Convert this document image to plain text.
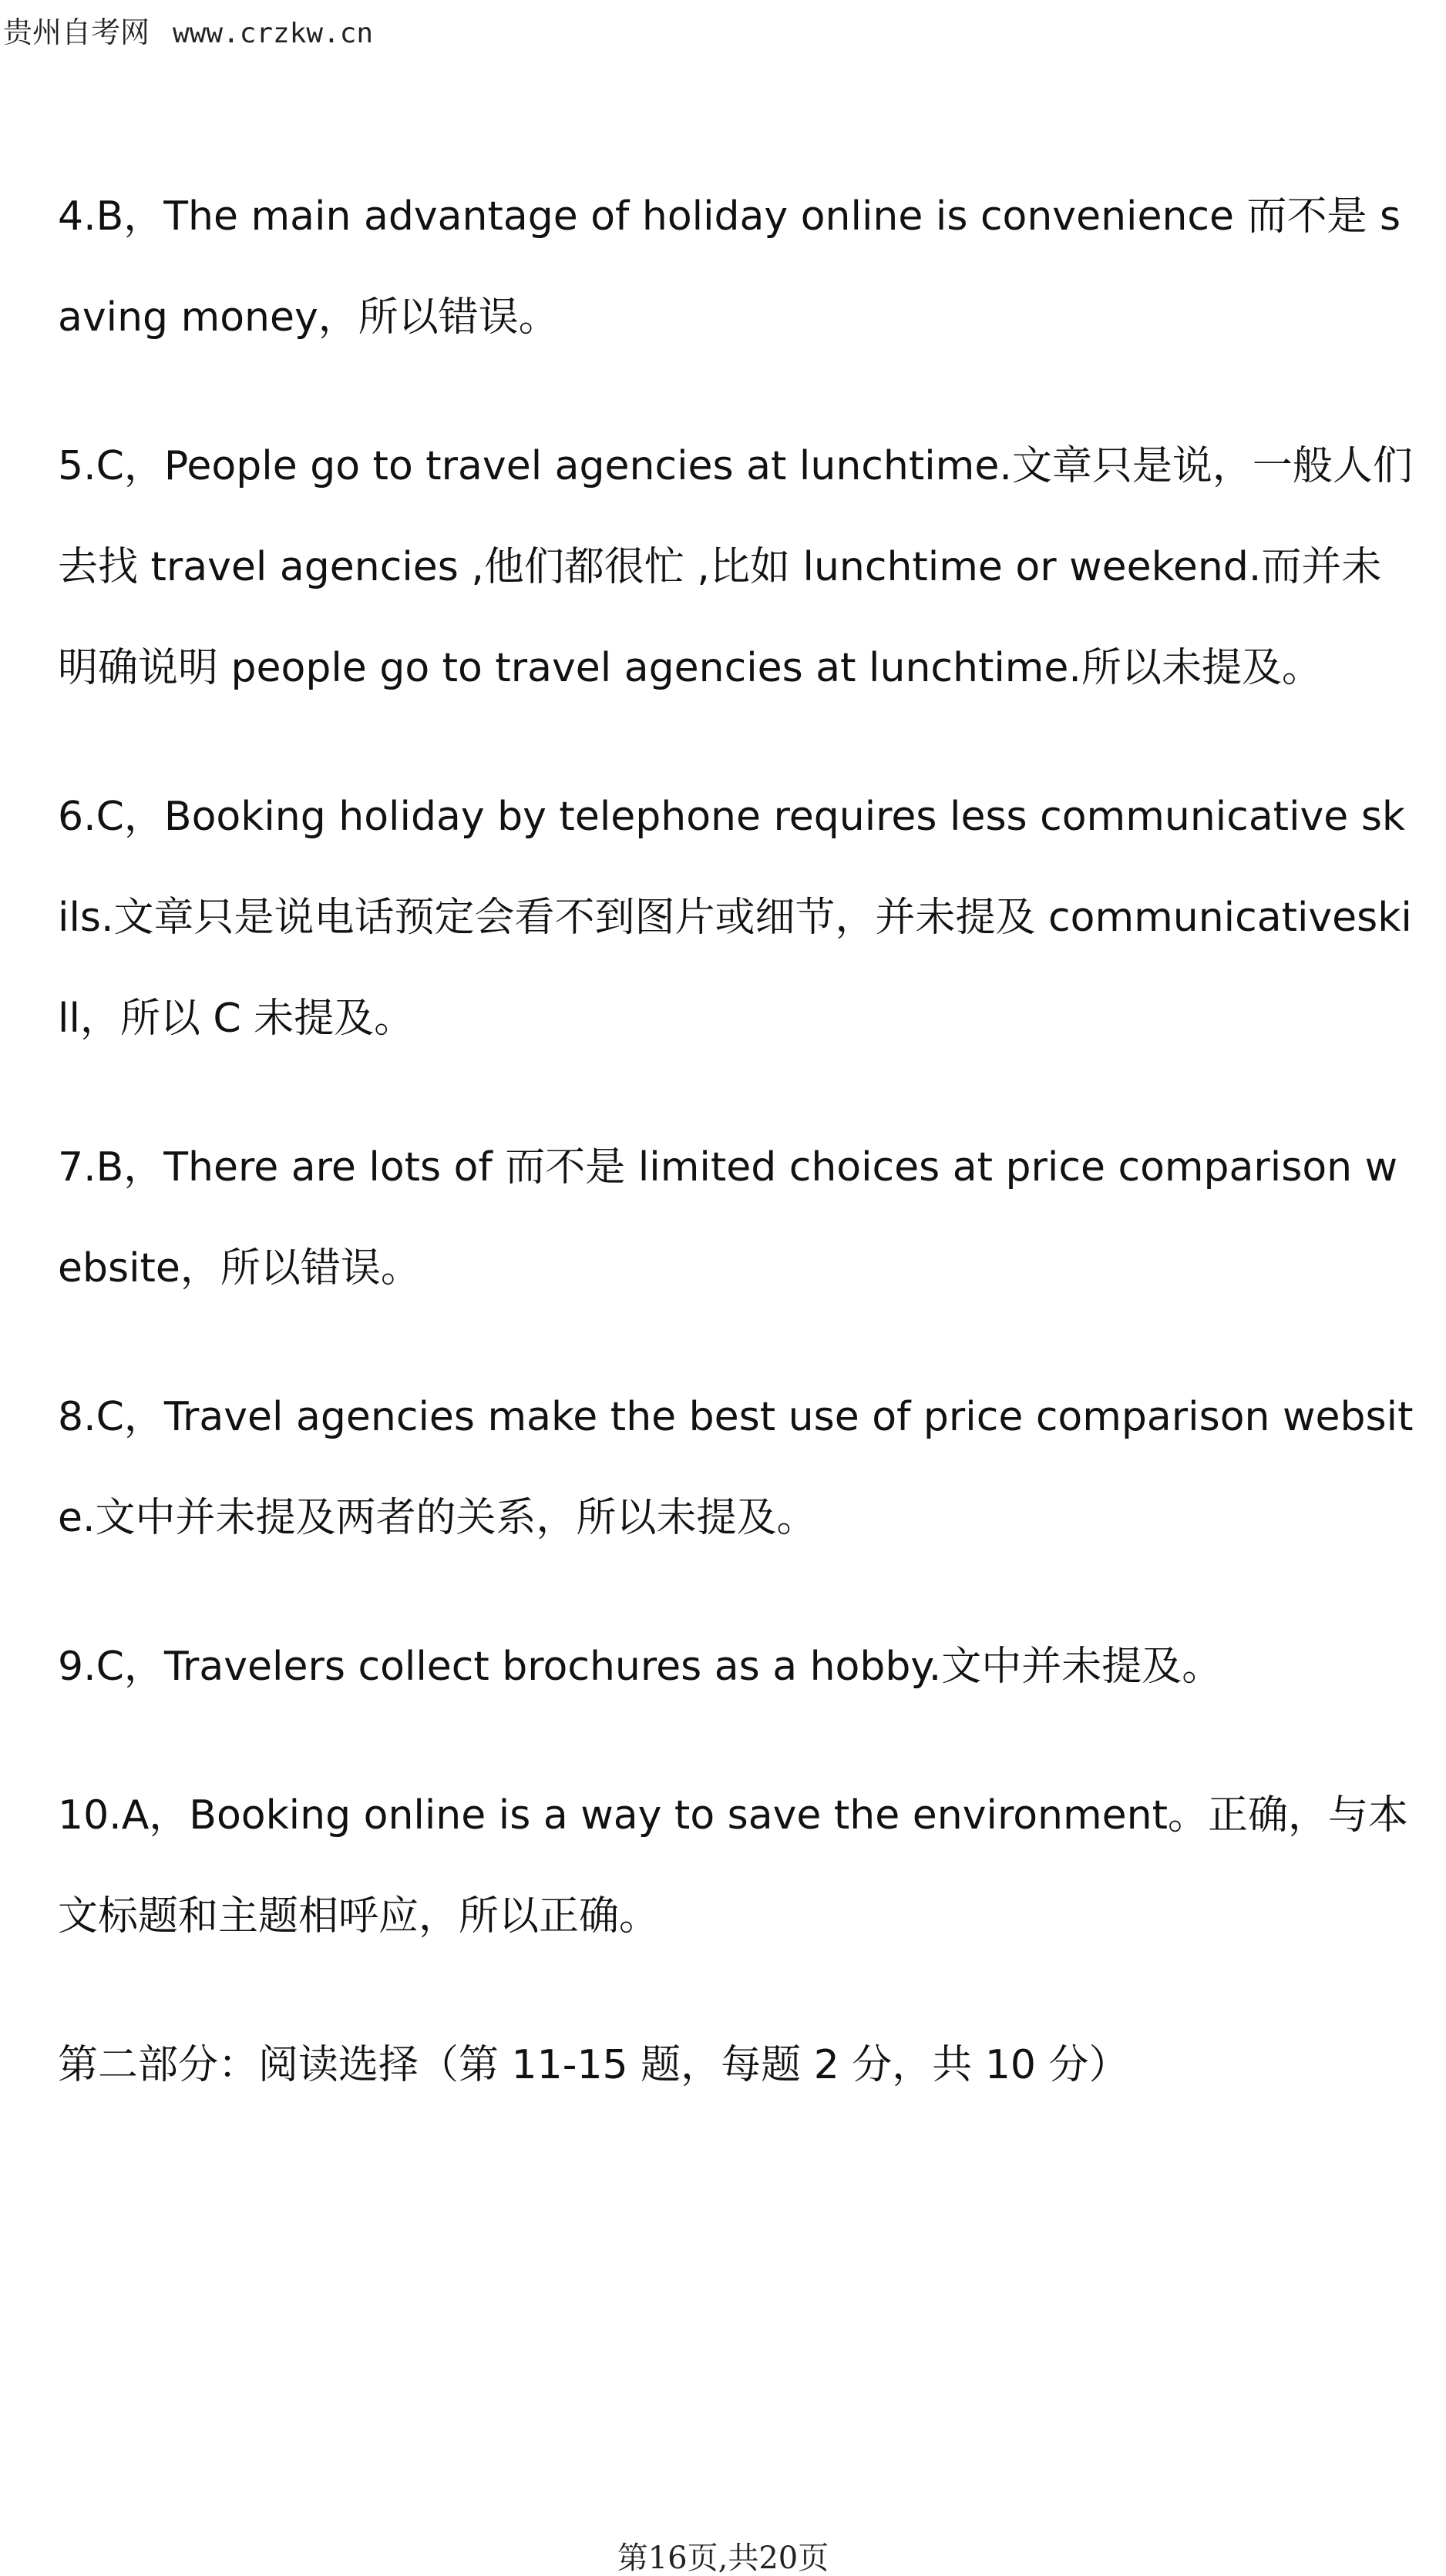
贵州自考网 www.crzkw.cn

4.B，The main advantage of holiday online is convenience 而不是 saving money，所以错误。

5.C，People go to travel agencies at lunchtime.文章只是说，一般人们去找 travel agencies ,他们都很忙 ,比如 lunchtime or weekend.而并未明确说明 people go to travel agencies at lunchtime.所以未提及。

6.C，Booking holiday by telephone requires less communicative skils.文章只是说电话预定会看不到图片或细节，并未提及 communicativeskill，所以 C 未提及。

7.B，There are lots of 而不是 limited choices at price comparison website，所以错误。

8.C，Travel agencies make the best use of price comparison website.文中并未提及两者的关系，所以未提及。

9.C，Travelers collect brochures as a hobby.文中并未提及。

10.A，Booking online is a way to save the environment。正确，与本文标题和主题相呼应，所以正确。

第二部分：阅读选择（第 11-15 题，每题 2 分，共 10 分）

第16页,共20页
